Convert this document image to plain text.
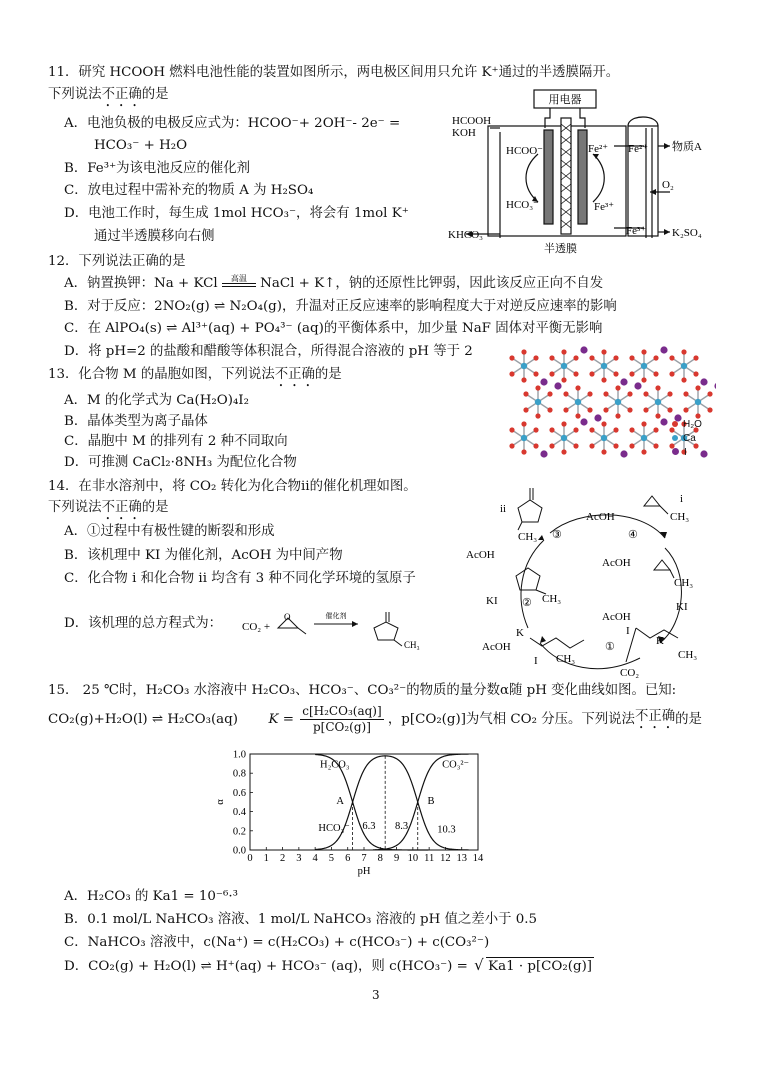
11．研究 HCOOH 燃料电池性能的装置如图所示，两电极区间用只允许 K⁺通过的半透膜隔开。
下列说法不正确的是
A．电池负极的电极反应式为：HCOO⁻+ 2OH⁻- 2e⁻ =
HCO₃⁻ + H₂O
B．Fe³⁺为该电池反应的催化剂
C．放电过程中需补充的物质 A 为 H₂SO₄
D．电池工作时，每生成 1mol HCO₃⁻，将会有 1mol K⁺
通过半透膜移向右侧
用电器
HCOOH
KOH
HCOO⁻
HCO₃⁻
Fe²⁺
Fe³⁺
Fe²⁺
Fe³⁺
物质A
O₂
KHCO₃	K₂SO₄
半透膜
12．下列说法正确的是
A．钠置换钾：Na + KCl	高温 NaCl + K↑，钠的还原性比钾弱，因此该反应正向不自发
B．对于反应：2NO₂(g) ⇌ N₂O₄(g)，升温对正反应速率的影响程度大于对逆反应速率的影响
C．在 AlPO₄(s) ⇌ Al³⁺(aq) + PO₄³⁻ (aq)的平衡体系中，加少量 NaF 固体对平衡无影响
D．将 pH=2 的盐酸和醋酸等体积混合，所得混合溶液的 pH 等于 2
13．化合物 M 的晶胞如图，下列说法不正确的是
A．M 的化学式为 Ca(H₂O)₄I₂
B．晶体类型为离子晶体
C．晶胞中 M 的排列有 2 种不同取向
D．可推测 CaCl₂·8NH₃ 为配位化合物
H₂O
Ca
I
14．在非水溶剂中，将 CO₂ 转化为化合物ⅱ的催化机理如图。
下列说法不正确的是
A．①过程中有极性键的断裂和形成
B．该机理中 KI 为催化剂，AcOH 为中间产物
C．化合物 i 和化合物 ii 均含有 3 种不同化学环境的氢原子
D．该机理的总方程式为： CO₂ +
催化剂
O
CH₃
ii
i
CH₃
CH₃
AcOH
AcOH
AcOH
AcOH
AcOH
KI	KI
CH₃
CH₃
CH₃	CH₃
①
②
③	④
CO₂
K
K
I
I
15． 25 ℃时，H₂CO₃ 水溶液中 H₂CO₃、HCO₃⁻、CO₃²⁻的物质的量分数α随 pH 变化曲线如图。已知:
CO₂(g)+H₂O(l) ⇌ H₂CO₃(aq) $K = \frac{\text{c[H₂CO₃(aq)]}}{\text{p[CO₂(g)]}}$ ，p[CO₂(g)]为气相 CO₂ 分压。下列说法不正确的是
0 1 2 3 4 5 6 7 8 9 10 11 12 13 14
0.0
0.2
0.4
0.6
0.8
1.0
pH
α
H₂CO₃
HCO₃⁻
CO₃²⁻
A	B
6.3 8.3	10.3
A．H₂CO₃ 的 Ka1 = 10⁻⁶·³
B．0.1 mol/L NaHCO₃ 溶液、1 mol/L NaHCO₃ 溶液的 pH 值之差小于 0.5
C．NaHCO₃ 溶液中，c(Na⁺) = c(H₂CO₃) + c(HCO₃⁻) + c(CO₃²⁻)
D．CO₂(g) + H₂O(l) ⇌ H⁺(aq) + HCO₃⁻ (aq)，则 c(HCO₃⁻) = √ Ka1 · p[CO₂(g)]
3
